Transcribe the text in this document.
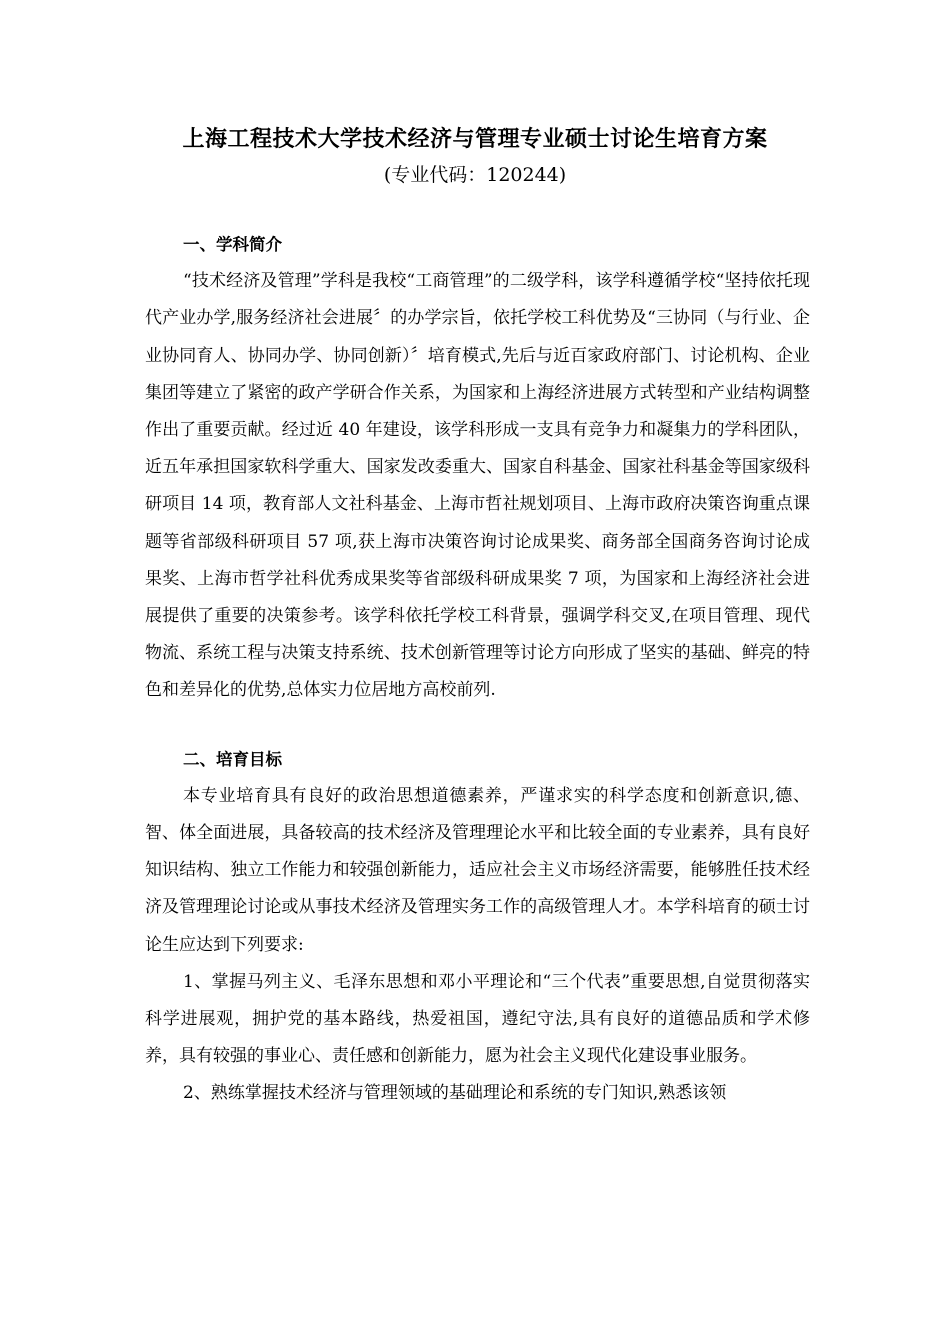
上海工程技术大学技术经济与管理专业硕士讨论生培育方案
(专业代码：120244)
一、学科简介

“技术经济及管理”学科是我校“工商管理”的二级学科，该学科遵循学校“坚持依托现代产业办学,服务经济社会进展〞的办学宗旨，依托学校工科优势及“三协同（与行业、企业协同育人、协同办学、协同创新）〞培育模式,先后与近百家政府部门、讨论机构、企业集团等建立了紧密的政产学研合作关系，为国家和上海经济进展方式转型和产业结构调整作出了重要贡献。经过近 40 年建设，该学科形成一支具有竞争力和凝集力的学科团队，近五年承担国家软科学重大、国家发改委重大、国家自科基金、国家社科基金等国家级科研项目 14 项，教育部人文社科基金、上海市哲社规划项目、上海市政府决策咨询重点课题等省部级科研项目 57 项,获上海市决策咨询讨论成果奖、商务部全国商务咨询讨论成果奖、上海市哲学社科优秀成果奖等省部级科研成果奖 7 项，为国家和上海经济社会进展提供了重要的决策参考。该学科依托学校工科背景，强调学科交叉,在项目管理、现代物流、系统工程与决策支持系统、技术创新管理等讨论方向形成了坚实的基础、鲜亮的特色和差异化的优势,总体实力位居地方高校前列.

二、培育目标

本专业培育具有良好的政治思想道德素养，严谨求实的科学态度和创新意识,德、智、体全面进展，具备较高的技术经济及管理理论水平和比较全面的专业素养，具有良好知识结构、独立工作能力和较强创新能力，适应社会主义市场经济需要，能够胜任技术经济及管理理论讨论或从事技术经济及管理实务工作的高级管理人才。本学科培育的硕士讨论生应达到下列要求:

1、掌握马列主义、毛泽东思想和邓小平理论和“三个代表”重要思想,自觉贯彻落实科学进展观，拥护党的基本路线，热爱祖国，遵纪守法,具有良好的道德品质和学术修养，具有较强的事业心、责任感和创新能力，愿为社会主义现代化建设事业服务。

2、熟练掌握技术经济与管理领域的基础理论和系统的专门知识,熟悉该领
